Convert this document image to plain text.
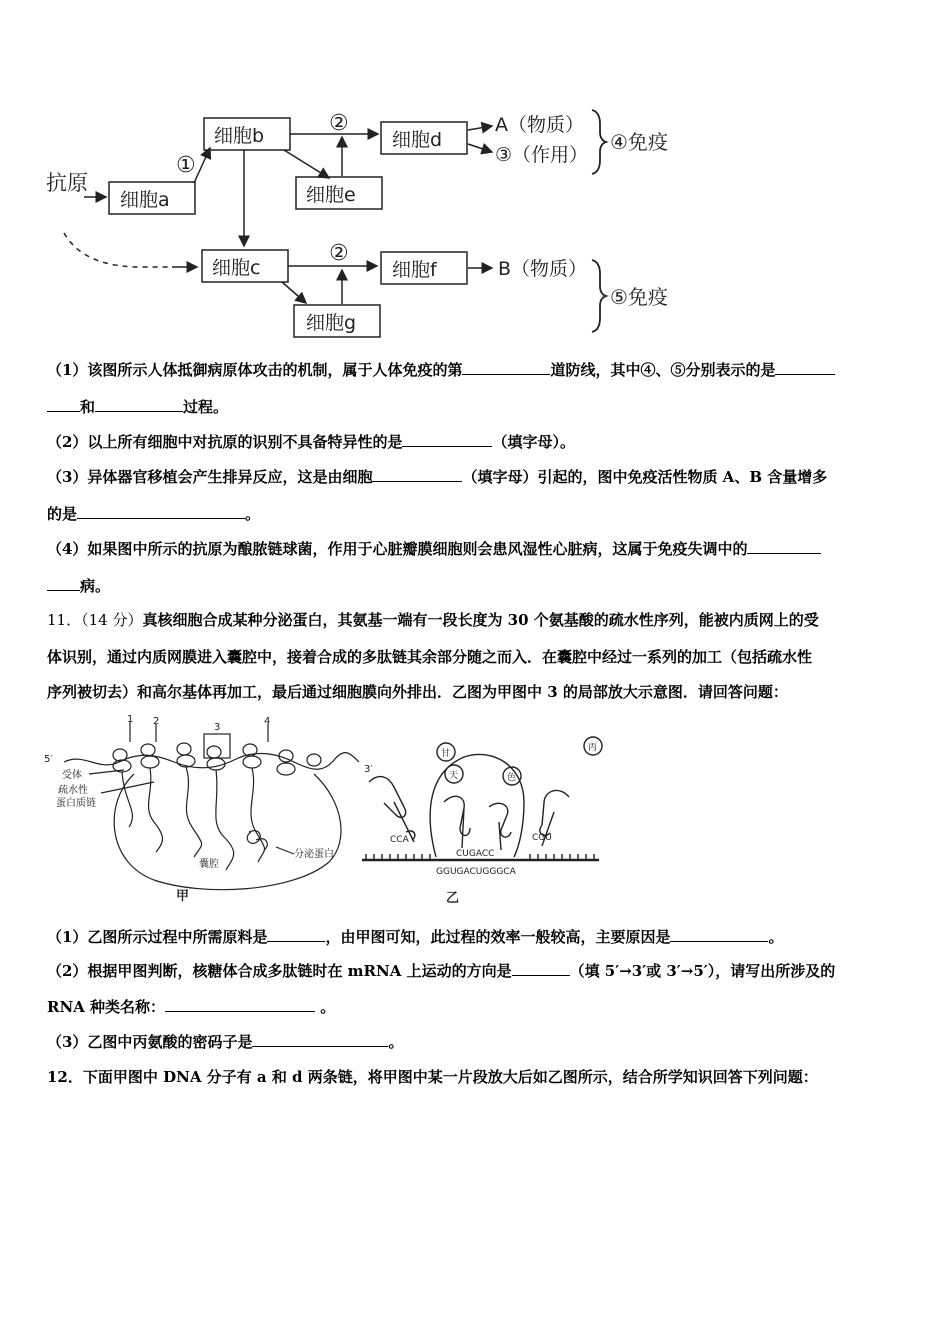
抗原
细胞a
①
细胞b	②
细胞e
细胞d
A（物质）
③（作用）
④免疫
细胞c
②
细胞g
细胞f	B（物质）
⑤免疫
（1）该图所示人体抵御病原体攻击的机制，属于人体免疫的第	道防线，其中④、⑤分别表示的是
和	过程。
（2）以上所有细胞中对抗原的识别不具备特异性的是	（填字母）。
（3）异体器官移植会产生排异反应，这是由细胞	（填字母）引起的，图中免疫活性物质 A、B 含量增多
的是	。
（4）如果图中所示的抗原为酿脓链球菌，作用于心脏瓣膜细胞则会患风湿性心脏病，这属于免疫失调中的
病。
11．（14 分）真核细胞合成某种分泌蛋白，其氨基一端有一段长度为 30 个氨基酸的疏水性序列，能被内质网上的受
体识别，通过内质网膜进入囊腔中，接着合成的多肽链其余部分随之而入．在囊腔中经过一系列的加工（包括疏水性
序列被切去）和高尔基体再加工，最后通过细胞膜向外排出．乙图为甲图中 3 的局部放大示意图．请回答问题：
5′
3′
1 2
3
4
受体
疏水性
蛋白质链
囊腔
分泌蛋白
甲
甘
天	色
丙
CCA
CUGACC
CGU
GGUGACUGGGCA
乙
（1）乙图所示过程中所需原料是	，由甲图可知，此过程的效率一般较高，主要原因是	。
（2）根据甲图判断，核糖体合成多肽链时在 mRNA 上运动的方向是	（填 5′→3′或 3′→5′），请写出所涉及的
RNA 种类名称：	。
（3）乙图中丙氨酸的密码子是	。
12．下面甲图中 DNA 分子有 a 和 d 两条链，将甲图中某一片段放大后如乙图所示，结合所学知识回答下列问题：
